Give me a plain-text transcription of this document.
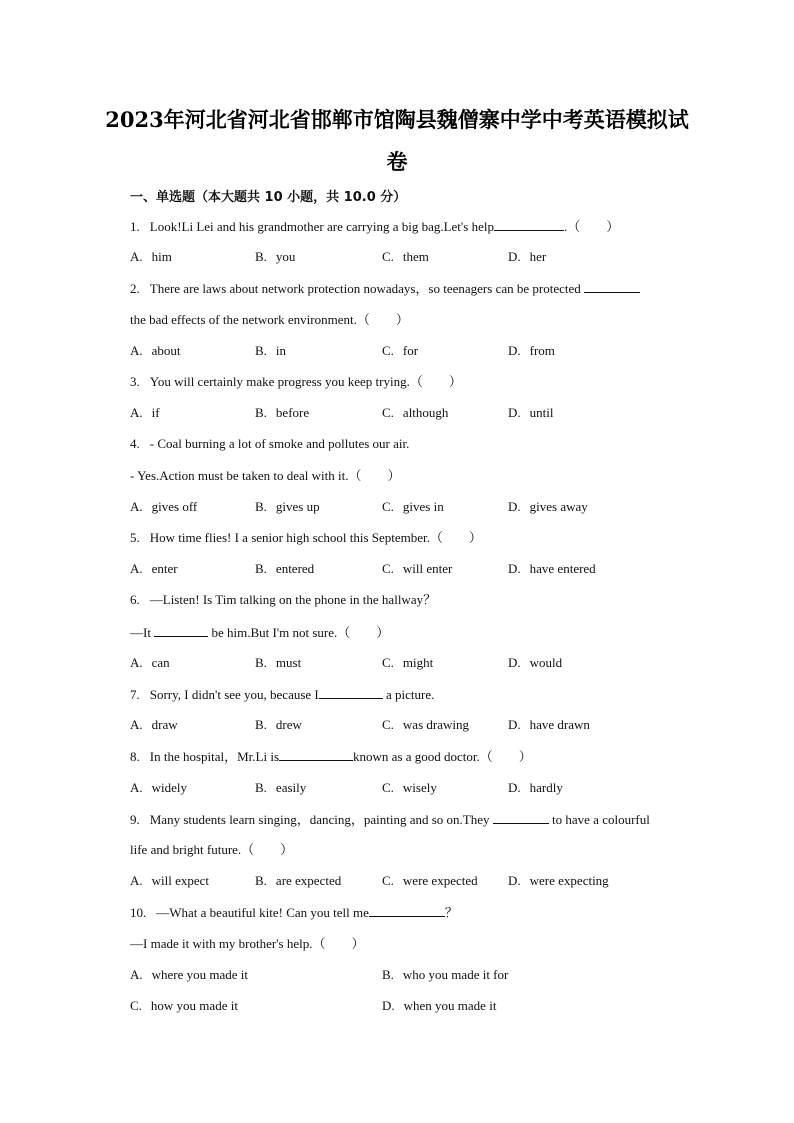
2023年河北省河北省邯郸市馆陶县魏僧寨中学中考英语模拟试
卷
一、单选题（本大题共 10 小题，共 10.0 分）
1. Look!Li Lei and his grandmother are carrying a big bag.Let's help	.（　　）
A. him	B. you	C. them	D. her
2. There are laws about network protection nowadays，so teenagers can be protected
the bad effects of the network environment.（　　）
A. about	B. in	C. for	D. from
3. You will certainly make progress you keep trying.（　　）
A. if	B. before	C. although	D. until
4. - Coal burning a lot of smoke and pollutes our air.
- Yes.Action must be taken to deal with it.（　　）
A. gives off	B. gives up	C. gives in	D. gives away
5. How time flies! I a senior high school this September.（　　）
A. enter	B. entered	C. will enter	D. have entered
6. —Listen! Is Tim talking on the phone in the hallway？
—It	be him.But I'm not sure.（　　）
A. can	B. must	C. might	D. would
7. Sorry, I didn't see you, because I	a picture.
A. draw	B. drew	C. was drawing	D. have drawn
8. In the hospital，Mr.Li is	known as a good doctor.（　　）
A. widely	B. easily	C. wisely	D. hardly
9. Many students learn singing，dancing，painting and so on.They	to have a colourful
life and bright future.（　　）
A. will expect	B. are expected	C. were expected D. were expecting
10. —What a beautiful kite! Can you tell me	？
—I made it with my brother's help.（　　）
A. where you made it	B. who you made it for
C. how you made it	D. when you made it
